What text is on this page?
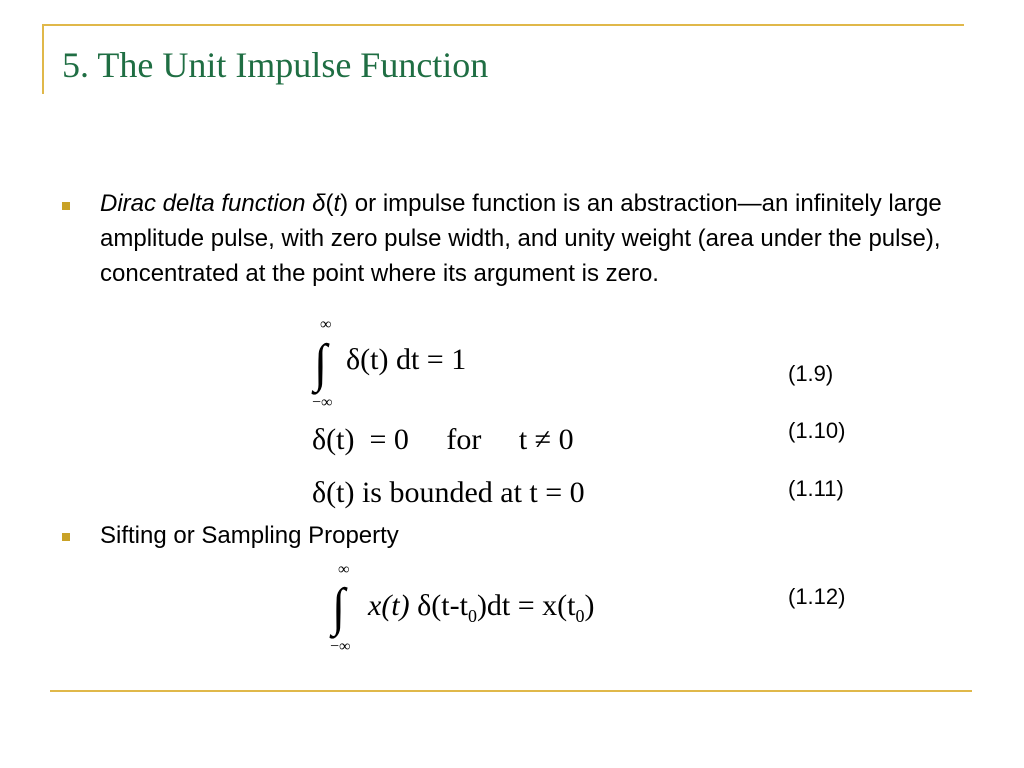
5. The Unit Impulse Function
Dirac delta function δ(t) or impulse function is an abstraction—an infinitely large amplitude pulse, with zero pulse width, and unity weight (area under the pulse), concentrated at the point where its argument is zero.
∞
∫
−∞
δ(t) dt = 1	(1.9)
δ(t)  = 0     for     t ≠ 0	(1.10)
δ(t) is bounded at t = 0	(1.11)
Sifting or Sampling Property
∞
∫
−∞
x(t) $\delta(t-t_0)dt = x(t_0)$	(1.12)
